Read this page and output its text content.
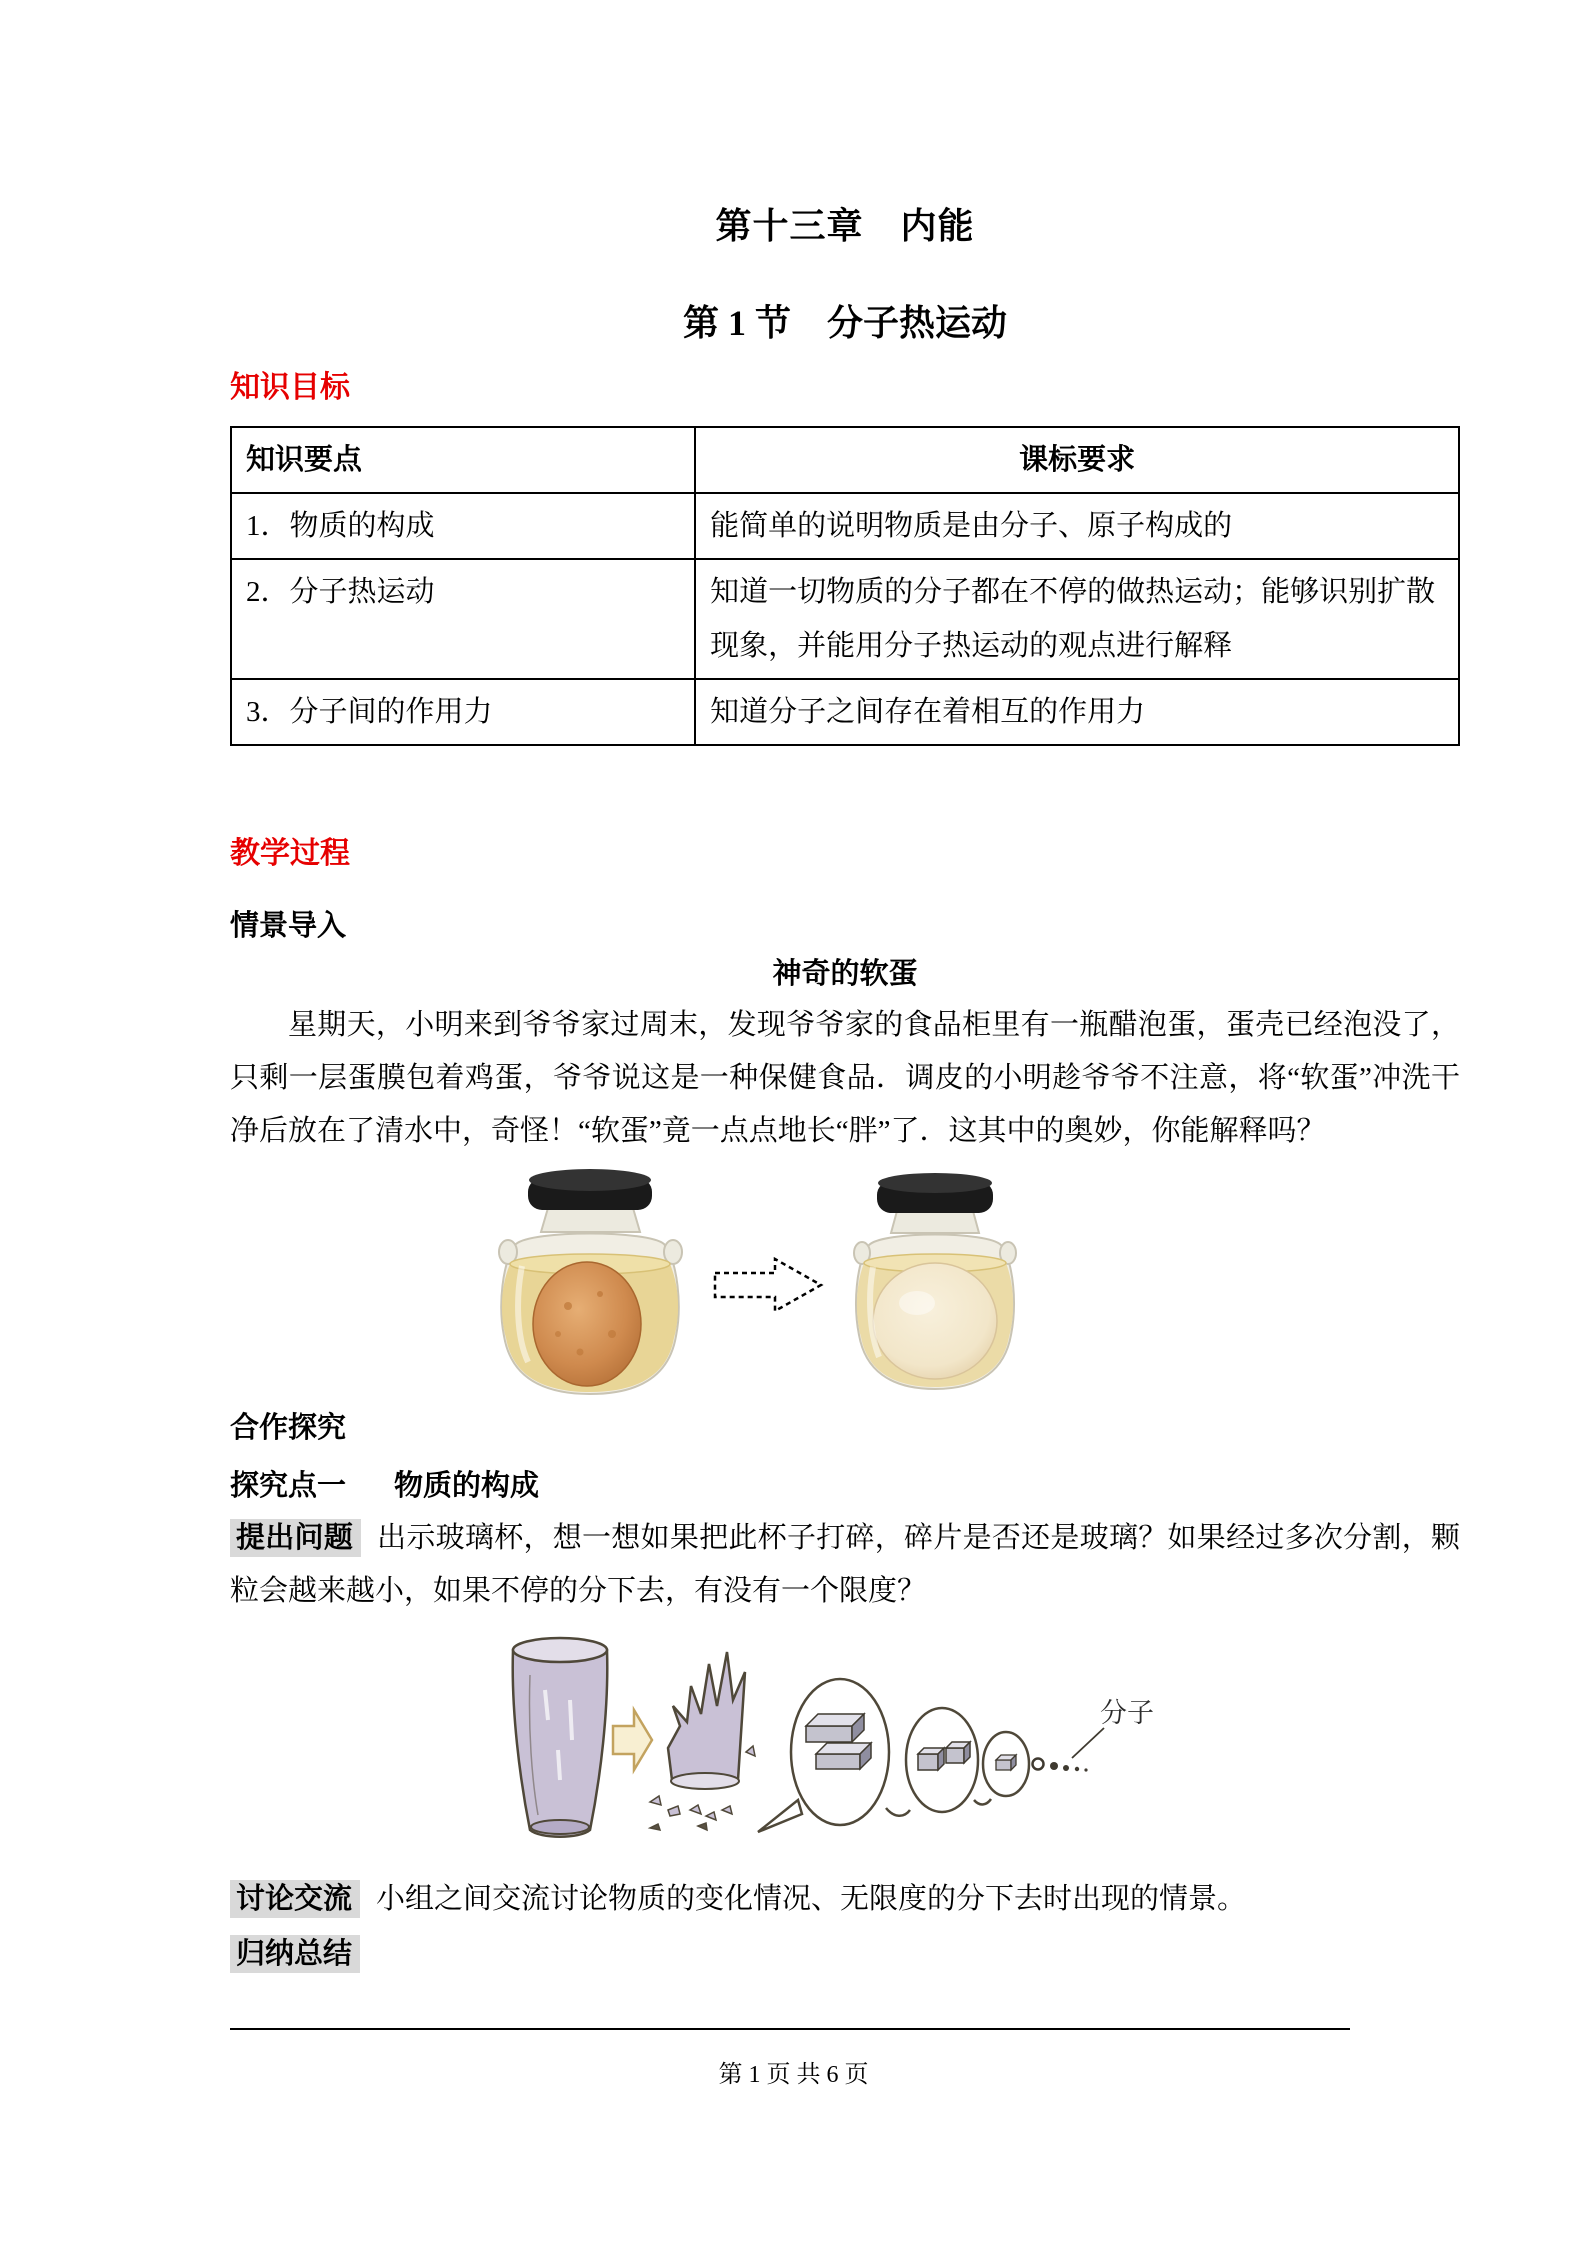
第十三章　内能
第 1 节　分子热运动
知识目标
知识要点	课标要求
1．物质的构成	能简单的说明物质是由分子、原子构成的
2．分子热运动	知道一切物质的分子都在不停的做热运动；能够识别扩散现象，并能用分子热运动的观点进行解释
3．分子间的作用力	知道分子之间存在着相互的作用力
教学过程
情景导入
神奇的软蛋

星期天，小明来到爷爷家过周末，发现爷爷家的食品柜里有一瓶醋泡蛋，蛋壳已经泡没了，只剩一层蛋膜包着鸡蛋，爷爷说这是一种保健食品．调皮的小明趁爷爷不注意，将“软蛋”冲洗干净后放在了清水中，奇怪！“软蛋”竟一点点地长“胖”了．这其中的奥妙，你能解释吗？

合作探究
探究点一 物质的构成

提出问题 出示玻璃杯，想一想如果把此杯子打碎，碎片是否还是玻璃？如果经过多次分割，颗粒会越来越小，如果不停的分下去，有没有一个限度？

分子

讨论交流 小组之间交流讨论物质的变化情况、无限度的分下去时出现的情景。

归纳总结

第 1 页 共 6 页
